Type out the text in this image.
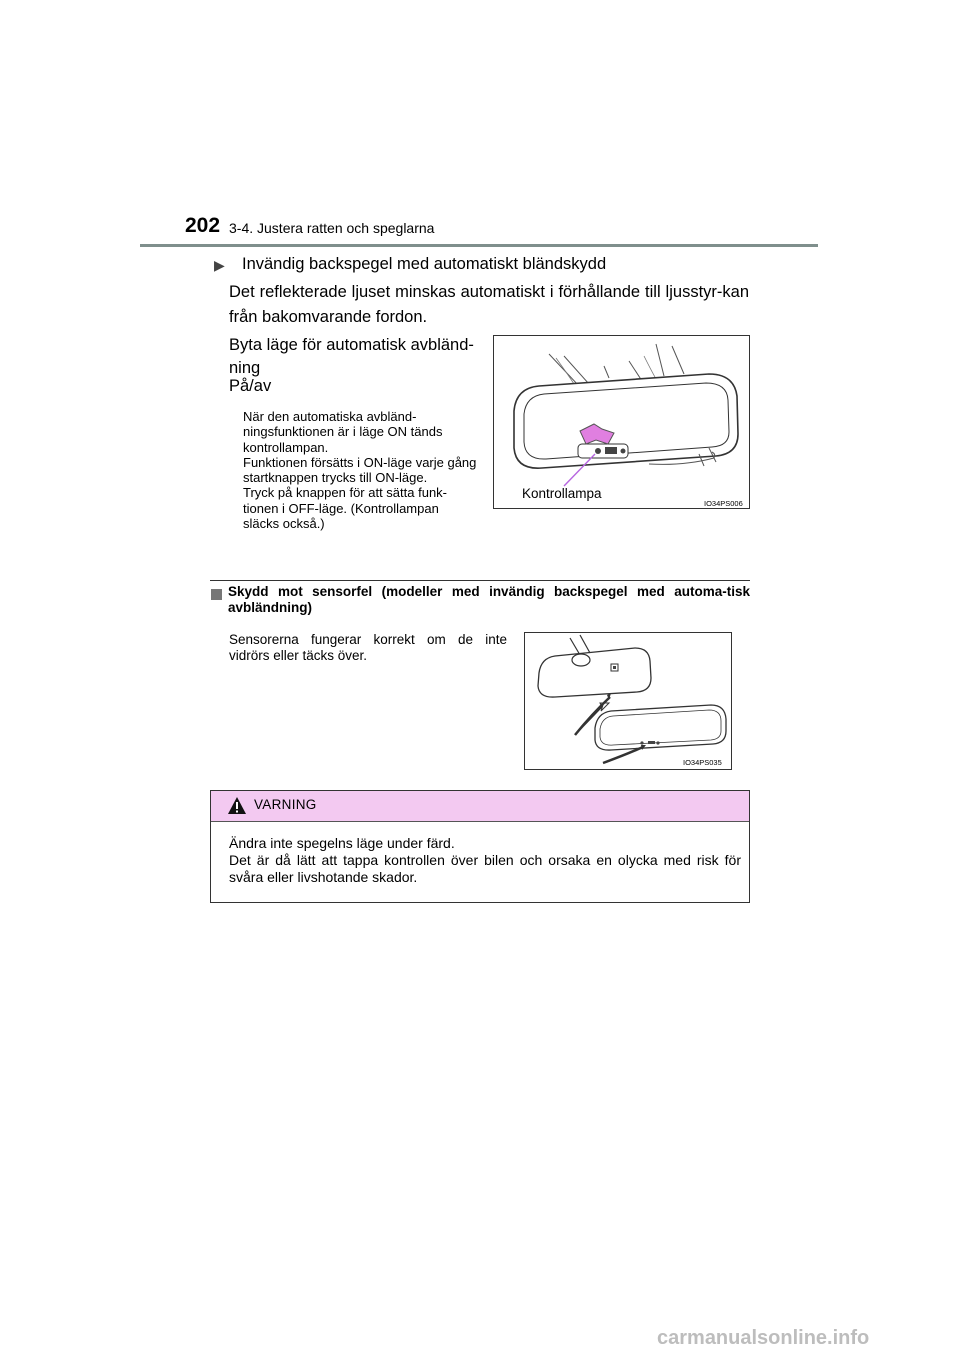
202 3-4. Justera ratten och speglarna
▶ Invändig backspegel med automatiskt bländskydd
Det reflekterade ljuset minskas automatiskt i förhållande till ljusstyr-kan från bakomvarande fordon.
Byta läge för automatisk avbländ-ning
På/av
När den automatiska avbländ-ningsfunktionen är i läge ON tänds kontrollampan.
Funktionen försätts i ON-läge varje gång startknappen trycks till ON-läge.
Tryck på knappen för att sätta funk-tionen i OFF-läge. (Kontrollampan släcks också.)
Kontrollampa
IO34PS006
Skydd mot sensorfel (modeller med invändig backspegel med automa-tisk avbländning)
Sensorerna fungerar korrekt om de inte vidrörs eller täcks över.
IO34PS035
VARNING
Ändra inte spegelns läge under färd.
Det är då lätt att tappa kontrollen över bilen och orsaka en olycka med risk för svåra eller livshotande skador.
carmanualsonline.info
